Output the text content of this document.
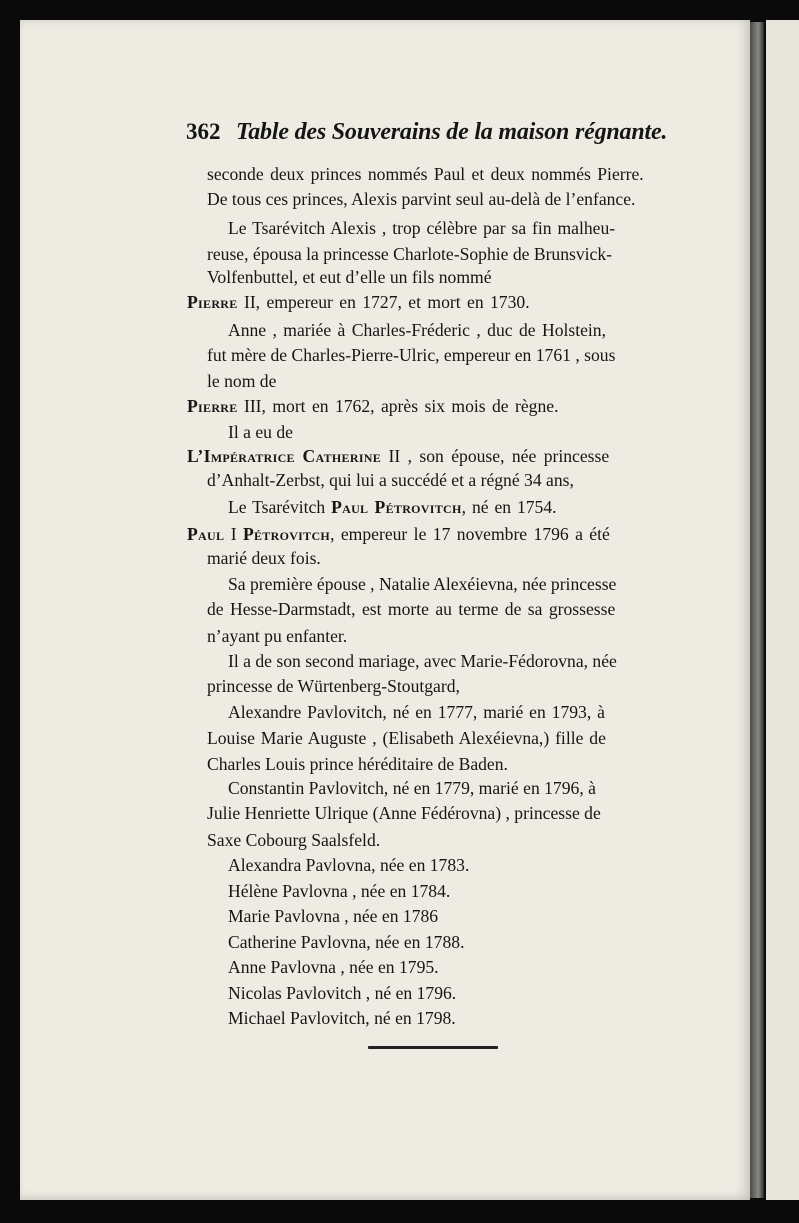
362 Table des Souverains de la maison régnante.
seconde deux princes nommés Paul et deux nommés Pierre.
De tous ces princes, Alexis parvint seul au-delà de l’enfance.
Le Tsarévitch Alexis , trop célèbre par sa fin malheu-
reuse, épousa la princesse Charlote-Sophie de Brunsvick-
Volfenbuttel, et eut d’elle un fils nommé
Pierre II, empereur en 1727, et mort en 1730.
Anne , mariée à Charles-Fréderic , duc de Holstein,
fut mère de Charles-Pierre-Ulric, empereur en 1761 , sous
le nom de
Pierre III, mort en 1762, après six mois de règne.
Il a eu de
L’Impératrice Catherine II , son épouse, née princesse
d’Anhalt-Zerbst, qui lui a succédé et a régné 34 ans,
Le Tsarévitch Paul Pétrovitch, né en 1754.
Paul I Pétrovitch, empereur le 17 novembre 1796 a été
marié deux fois.
Sa première épouse , Natalie Alexéievna, née princesse
de Hesse-Darmstadt, est morte au terme de sa grossesse
n’ayant pu enfanter.
Il a de son second mariage, avec Marie-Fédorovna, née
princesse de Würtenberg-Stoutgard,
Alexandre Pavlovitch, né en 1777, marié en 1793, à
Louise Marie Auguste , (Elisabeth Alexéievna,) fille de
Charles Louis prince héréditaire de Baden.
Constantin Pavlovitch, né en 1779, marié en 1796, à
Julie Henriette Ulrique (Anne Fédérovna) , princesse de
Saxe Cobourg Saalsfeld.
Alexandra Pavlovna, née en 1783.
Hélène Pavlovna , née en 1784.
Marie Pavlovna , née en 1786
Catherine Pavlovna, née en 1788.
Anne Pavlovna , née en 1795.
Nicolas Pavlovitch , né en 1796.
Michael Pavlovitch, né en 1798.
